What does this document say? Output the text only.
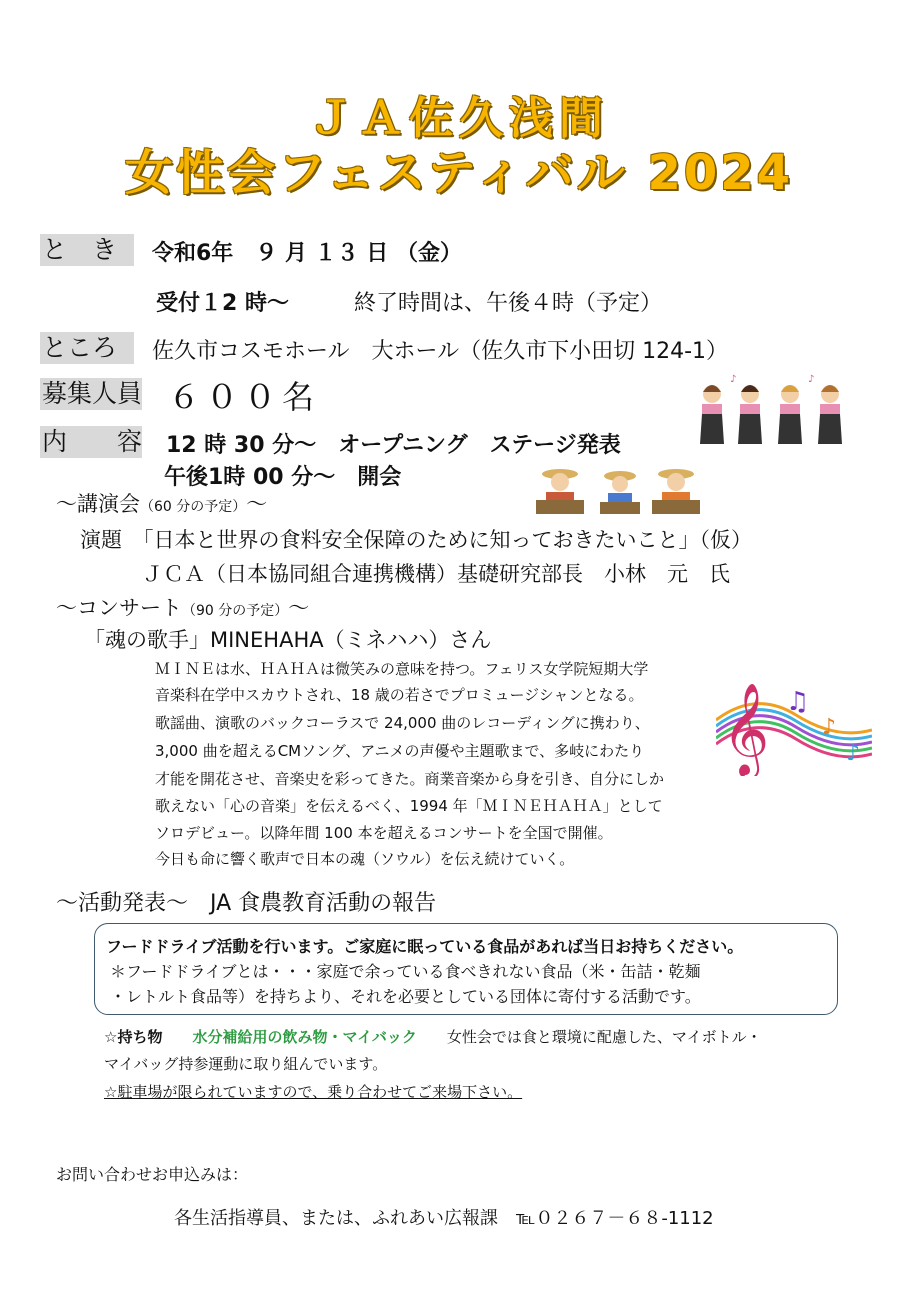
ＪＡ佐久浅間
女性会フェスティバル 2024
と　き	令和6年　９ 月 １３ 日 （金）
受付１2 時～	終了時間は、午後４時（予定）
ところ	佐久市コスモホール　大ホール（佐久市下小田切 124-1）
募集人員 ６００名	♪	♪
内　　容 12 時 30 分～　オープニング　ステージ発表
午後1時 00 分～　開会
～講演会（60 分の予定）～
演題　「日本と世界の食料安全保障のために知っておきたいこと」（仮）
ＪＣＡ（日本協同組合連携機構）基礎研究部長　小林　元　氏
～コンサート（90 分の予定）～
「魂の歌手」MINEHAHA（ミネハハ）さん
ＭＩＮＥは水、ＨＡＨＡは微笑みの意味を持つ。フェリス女学院短期大学
音楽科在学中スカウトされ、18 歳の若さでプロミュージシャンとなる。
歌謡曲、演歌のバックコーラスで 24,000 曲のレコーディングに携わり、
3,000 曲を超えるCMソング、アニメの声優や主題歌まで、多岐にわたり
才能を開花させ、音楽史を彩ってきた。商業音楽から身を引き、自分にしか
歌えない「心の音楽」を伝えるべく、1994 年「ＭＩＮＥＨＡＨＡ」として
ソロデビュー。以降年間 100 本を超えるコンサートを全国で開催。
今日も命に響く歌声で日本の魂（ソウル）を伝え続けていく。
𝄞 ♫
♪
♪
～活動発表～　 JA 食農教育活動の報告
フードドライブ活動を行います。ご家庭に眠っている食品があれば当日お持ちください。
＊フードドライブとは・・・家庭で余っている食べきれない食品（米・缶詰・乾麺
・レトルト食品等）を持ちより、それを必要としている団体に寄付する活動です。
☆持ち物　　 水分補給用の飲み物・マイバック　　 女性会では食と環境に配慮した、マイボトル・
マイバッグ持参運動に取り組んでいます。
☆駐車場が限られていますので、乗り合わせてご来場下さい。
お問い合わせお申込みは：
各生活指導員、または、ふれあい広報課　℡０２６７－６８-1112
